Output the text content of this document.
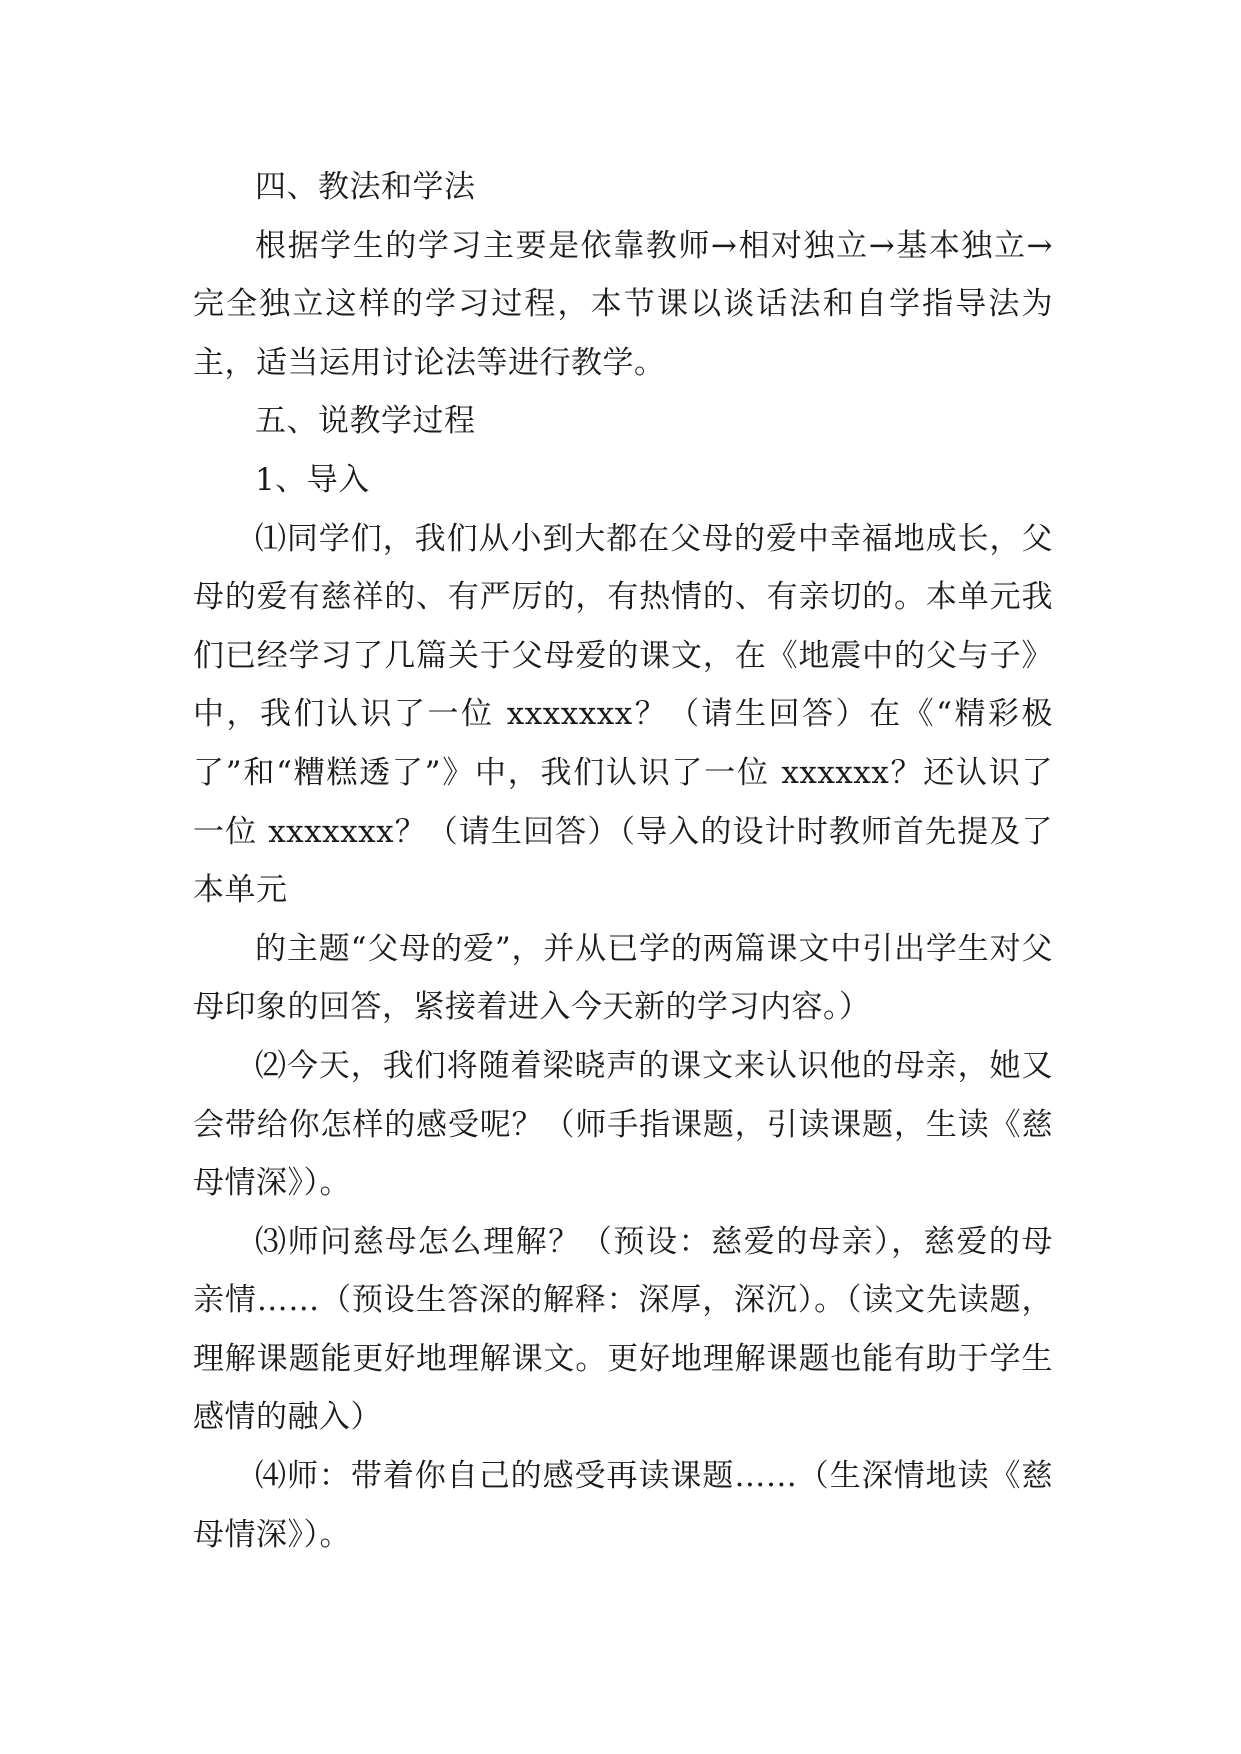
四、教法和学法

根据学生的学习主要是依靠教师→相对独立→基本独立→完全独立这样的学习过程，本节课以谈话法和自学指导法为主，适当运用讨论法等进行教学。

五、说教学过程

1、导入

⑴同学们，我们从小到大都在父母的爱中幸福地成长，父母的爱有慈祥的、有严厉的，有热情的、有亲切的。本单元我们已经学习了几篇关于父母爱的课文，在《地震中的父与子》中，我们认识了一位 xxxxxxx？（请生回答）在《“精彩极了”和“糟糕透了”》中，我们认识了一位 xxxxxx？还认识了一位 xxxxxxx？（请生回答）（导入的设计时教师首先提及了本单元

的主题“父母的爱”，并从已学的两篇课文中引出学生对父母印象的回答，紧接着进入今天新的学习内容。）

⑵今天，我们将随着梁晓声的课文来认识他的母亲，她又会带给你怎样的感受呢？（师手指课题，引读课题，生读《慈母情深》）。

⑶师问慈母怎么理解？（预设：慈爱的母亲），慈爱的母亲情……（预设生答深的解释：深厚，深沉）。（读文先读题，理解课题能更好地理解课文。更好地理解课题也能有助于学生感情的融入）

⑷师：带着你自己的感受再读课题……（生深情地读《慈母情深》）。
